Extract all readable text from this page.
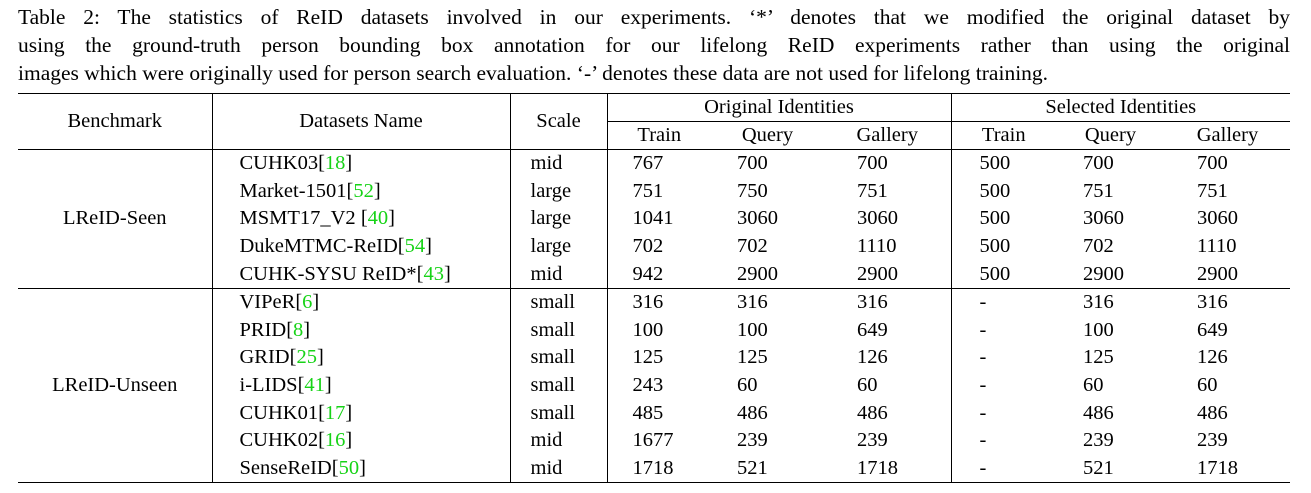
Table 2: The statistics of ReID datasets involved in our experiments. ‘*’ denotes that we modified the original dataset by
using the ground-truth person bounding box annotation for our lifelong ReID experiments rather than using the original
images which were originally used for person search evaluation. ‘-’ denotes these data are not used for lifelong training.
Benchmark	Datasets Name	Scale	Original Identities			Selected Identities		
			Train	Query	Gallery	Train	Query	Gallery
LReID-Seen	CUHK03[18]	mid	767	700	700	500	700	700
	Market-1501[52]	large	751	750	751	500	751	751
	MSMT17_V2 [40]	large	1041	3060	3060	500	3060	3060
	DukeMTMC-ReID[54]	large	702	702	1110	500	702	1110
	CUHK-SYSU ReID*[43]	mid	942	2900	2900	500	2900	2900
LReID-Unseen	VIPeR[6]	small	316	316	316	-	316	316
	PRID[8]	small	100	100	649	-	100	649
	GRID[25]	small	125	125	126	-	125	126
	i-LIDS[41]	small	243	60	60	-	60	60
	CUHK01[17]	small	485	486	486	-	486	486
	CUHK02[16]	mid	1677	239	239	-	239	239
	SenseReID[50]	mid	1718	521	1718	-	521	1718
